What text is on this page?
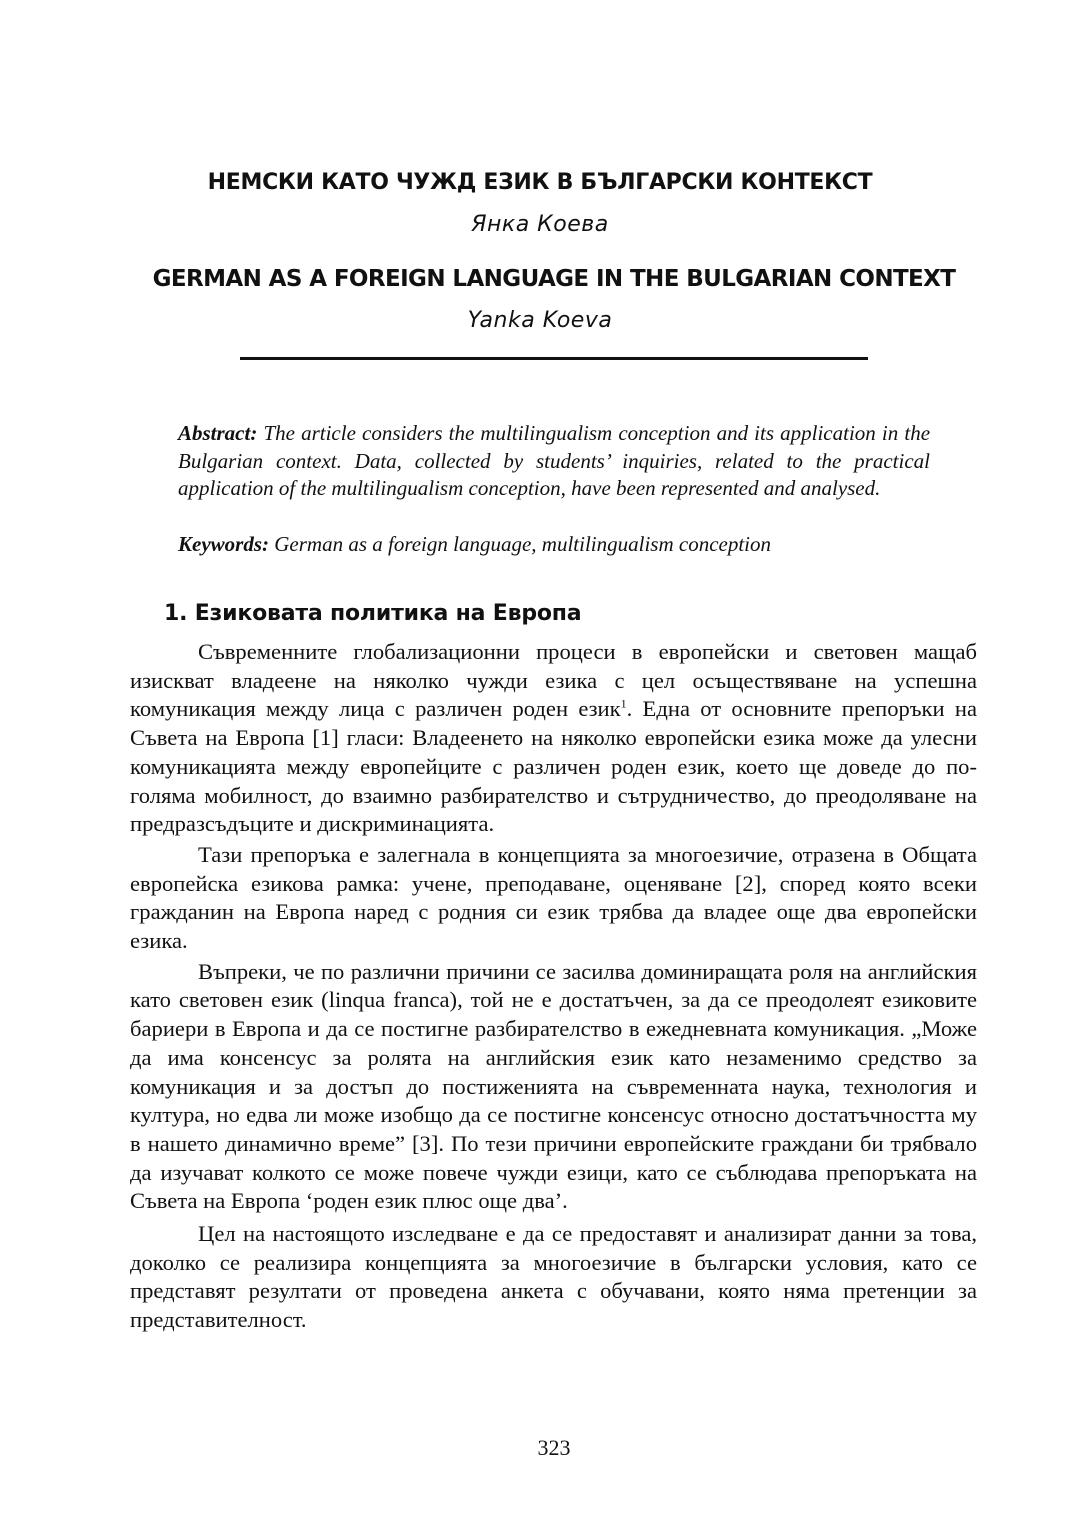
НЕМСКИ КАТО ЧУЖД ЕЗИК В БЪЛГАРСКИ КОНТЕКСТ
Янка Коева
GERMAN AS A FOREIGN LANGUAGE IN THE BULGARIAN CONTEXT
Yanka Koeva
Abstract: The article considers the multilingualism conception and its application in the Bulgarian context. Data, collected by students’ inquiries, related to the practical application of the multilingualism conception, have been represented and analysed.
Keywords: German as a foreign language, multilingualism conception
1. Езиковата политика на Европа

Съвременните глобализационни процеси в европейски и световен мащаб изискват владеене на няколко чужди езика с цел осъществяване на успешна комуникация между лица с различен роден език$^1$. Една от основните препоръки на Съвета на Европа [1] гласи: Владеенето на няколко европейски езика може да улесни комуникацията между европейците с различен роден език, което ще доведе до по-голяма мобилност, до взаимно разбирателство и сътрудничество, до преодоляване на предразсъдъците и дискриминацията.

Тази препоръка е залегнала в концепцията за многоезичие, отразена в Общата европейска езикова рамка: учене, преподаване, оценяване [2], според която всеки гражданин на Европа наред с родния си език трябва да владее още два европейски езика.

Въпреки, че по различни причини се засилва доминиращата роля на английския като световен език (linqua franca), той не е достатъчен, за да се преодолеят езиковите бариери в Европа и да се постигне разбирателство в ежедневната комуникация. „Може да има консенсус за ролята на английския език като незаменимо средство за комуникация и за достъп до постиженията на съвременната наука, технология и култура, но едва ли може изобщо да се постигне консенсус относно достатъчността му в нашето динамично време” [3]. По тези причини европейските граждани би трябвало да изучават колкото се може повече чужди езици, като се съблюдава препоръката на Съвета на Европа ‘роден език плюс още два’.

Цел на настоящото изследване е да се предоставят и анализират данни за това, доколко се реализира концепцията за многоезичие в български условия, като се представят резултати от проведена анкета с обучавани, която няма претенции за представителност.

323
